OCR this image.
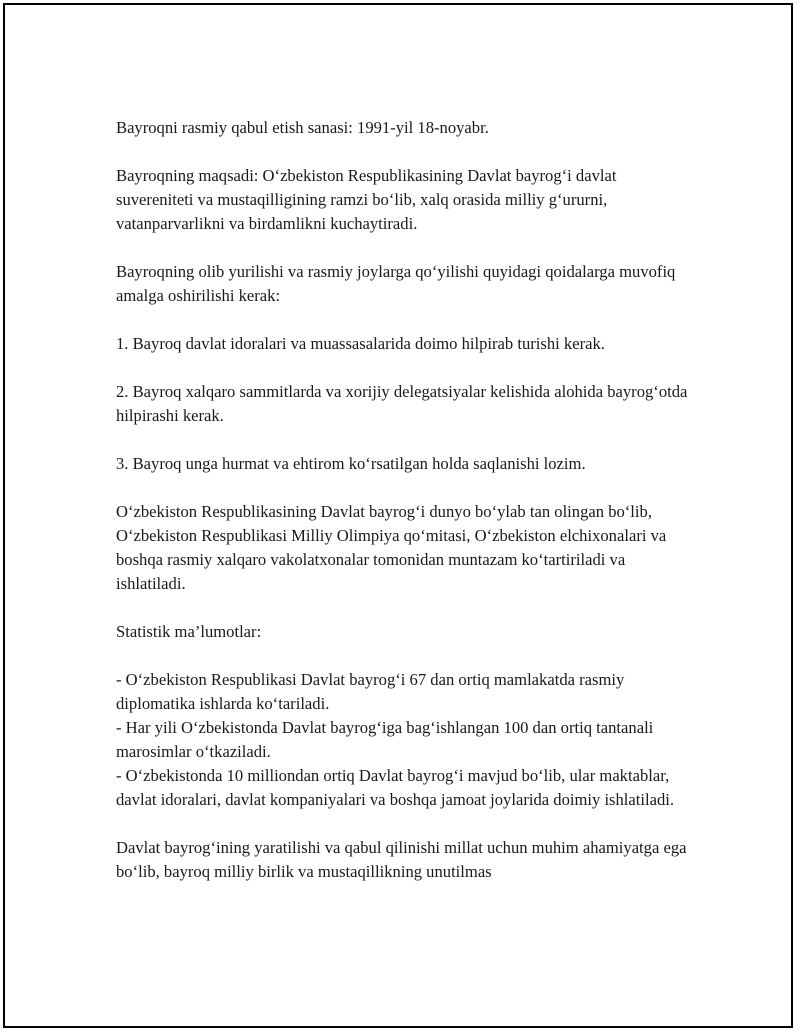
Bayroqni rasmiy qabul etish sanasi: 1991-yil 18-noyabr.

Bayroqning maqsadi: O‘zbekiston Respublikasining Davlat bayrog‘i davlat suvereniteti va mustaqilligining ramzi bo‘lib, xalq orasida milliy g‘ururni, vatanparvarlikni va birdamlikni kuchaytiradi.

Bayroqning olib yurilishi va rasmiy joylarga qo‘yilishi quyidagi qoidalarga muvofiq amalga oshirilishi kerak:

1. Bayroq davlat idoralari va muassasalarida doimo hilpirab turishi kerak.

2. Bayroq xalqaro sammitlarda va xorijiy delegatsiyalar kelishida alohida bayrog‘otda hilpirashi kerak.

3. Bayroq unga hurmat va ehtirom ko‘rsatilgan holda saqlanishi lozim.

O‘zbekiston Respublikasining Davlat bayrog‘i dunyo bo‘ylab tan olingan bo‘lib, O‘zbekiston Respublikasi Milliy Olimpiya qo‘mitasi, O‘zbekiston elchixonalari va boshqa rasmiy xalqaro vakolatxonalar tomonidan muntazam ko‘tartiriladi va ishlatiladi.

Statistik ma’lumotlar:

- O‘zbekiston Respublikasi Davlat bayrog‘i 67 dan ortiq mamlakatda rasmiy diplomatika ishlarda ko‘tariladi.
- Har yili O‘zbekistonda Davlat bayrog‘iga bag‘ishlangan 100 dan ortiq tantanali marosimlar o‘tkaziladi.
- O‘zbekistonda 10 milliondan ortiq Davlat bayrog‘i mavjud bo‘lib, ular maktablar, davlat idoralari, davlat kompaniyalari va boshqa jamoat joylarida doimiy ishlatiladi.

Davlat bayrog‘ining yaratilishi va qabul qilinishi millat uchun muhim ahamiyatga ega bo‘lib, bayroq milliy birlik va mustaqillikning unutilmas
